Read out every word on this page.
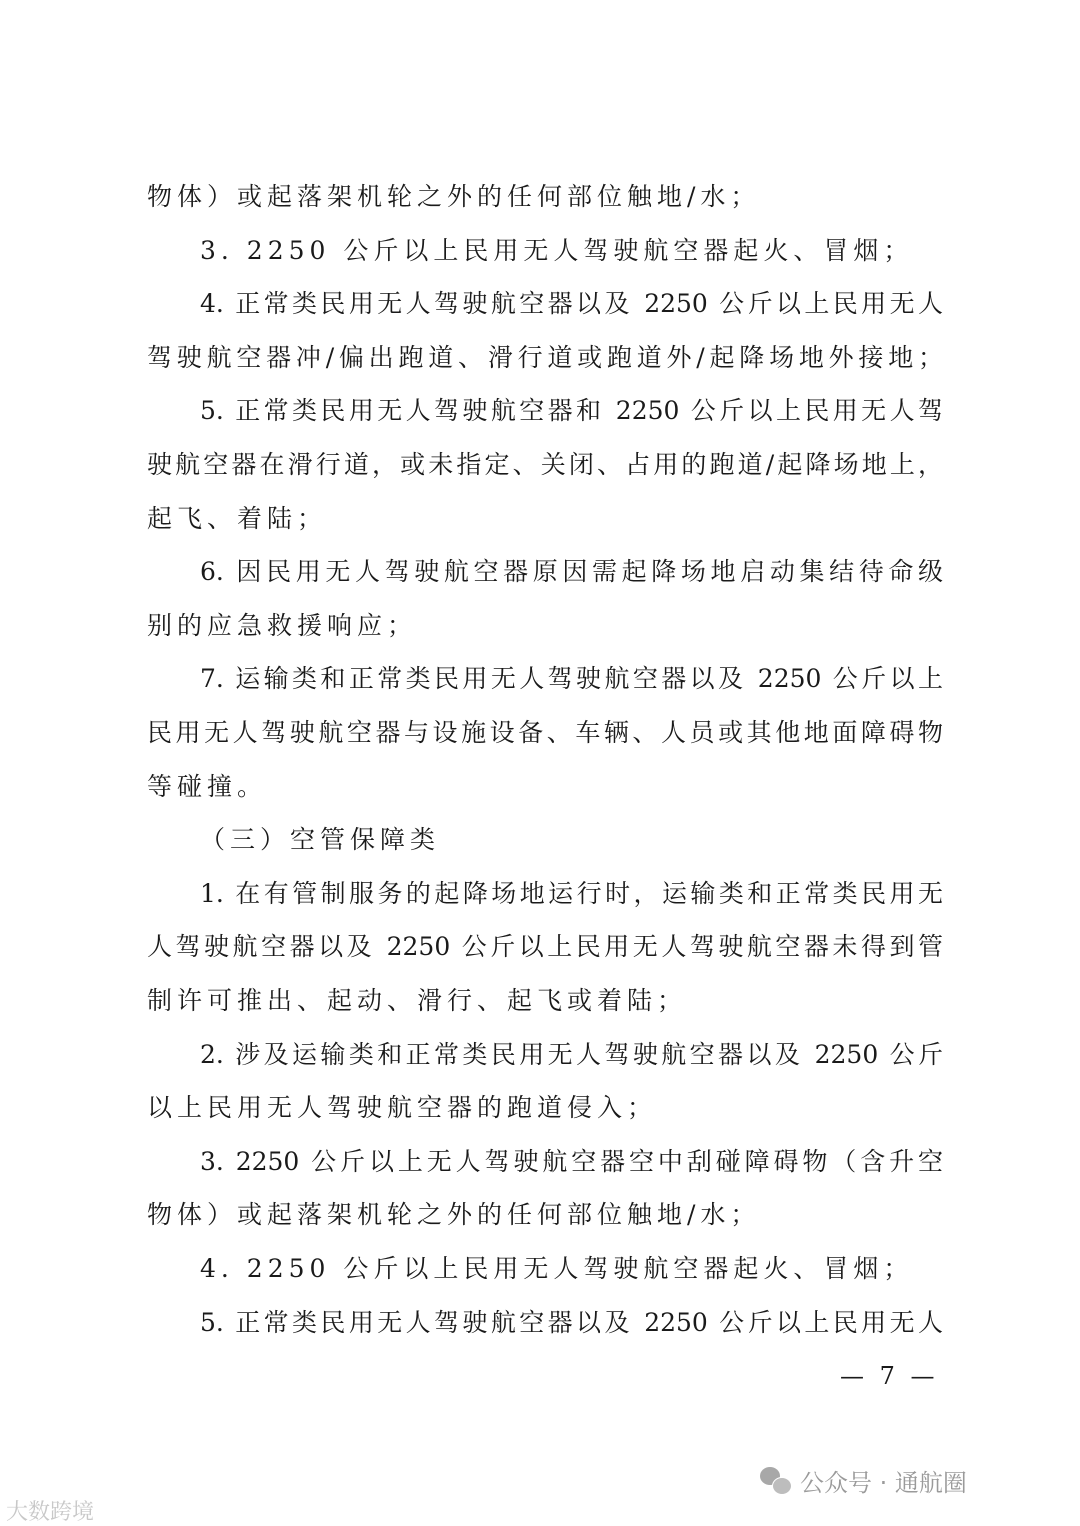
物体）或起落架机轮之外的任何部位触地/水；
3. 2250 公斤以上民用无人驾驶航空器起火、冒烟；
4. 正常类民用无人驾驶航空器以及 2250 公斤以上民用无人
驾驶航空器冲/偏出跑道、滑行道或跑道外/起降场地外接地；
5. 正常类民用无人驾驶航空器和 2250 公斤以上民用无人驾
驶航空器在滑行道，或未指定、关闭、占用的跑道/起降场地上，
起飞、着陆；
6. 因民用无人驾驶航空器原因需起降场地启动集结待命级
别的应急救援响应；
7. 运输类和正常类民用无人驾驶航空器以及 2250 公斤以上
民用无人驾驶航空器与设施设备、车辆、人员或其他地面障碍物
等碰撞。
（三）空管保障类
1. 在有管制服务的起降场地运行时，运输类和正常类民用无
人驾驶航空器以及 2250 公斤以上民用无人驾驶航空器未得到管
制许可推出、起动、滑行、起飞或着陆；
2. 涉及运输类和正常类民用无人驾驶航空器以及 2250 公斤
以上民用无人驾驶航空器的跑道侵入；
3. 2250 公斤以上无人驾驶航空器空中刮碰障碍物（含升空
物体）或起落架机轮之外的任何部位触地/水；
4. 2250 公斤以上民用无人驾驶航空器起火、冒烟；
5. 正常类民用无人驾驶航空器以及 2250 公斤以上民用无人
— 7 —
大数跨境
公众号 · 通航圈
